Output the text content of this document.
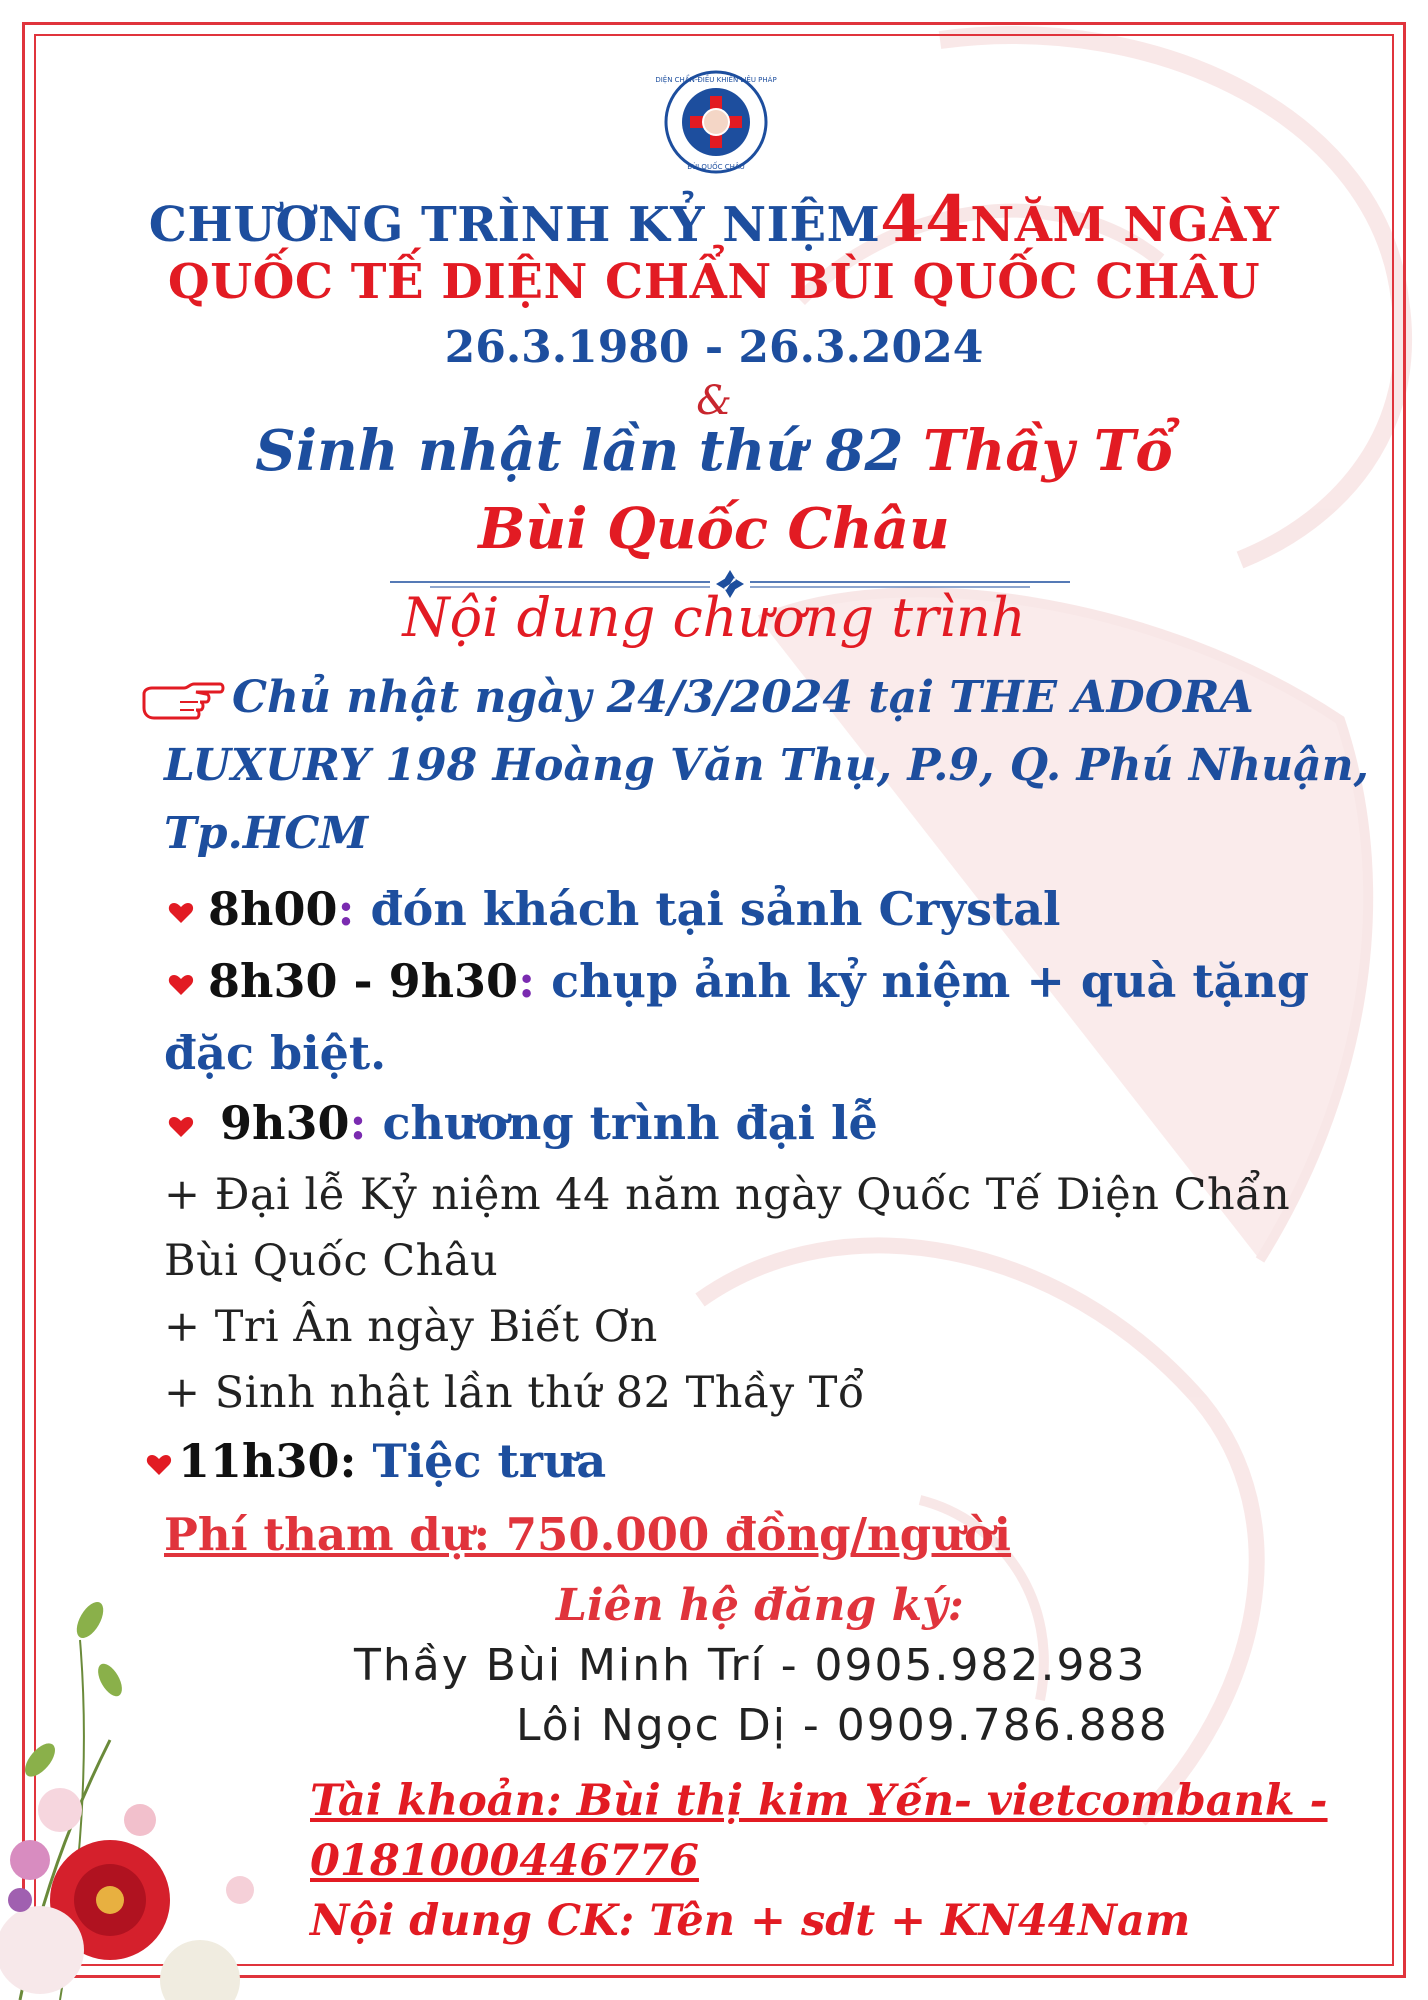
DIỆN CHẨN-ĐIỀU KHIỂN LIỆU PHÁP
BÙI QUỐC CHÂU
CHƯƠNG TRÌNH KỶ NIỆM44NĂM NGÀY
QUỐC TẾ DIỆN CHẨN BÙI QUỐC CHÂU
26.3.1980 - 26.3.2024
&
Sinh nhật lần thứ 82 Thầy Tổ
Bùi Quốc Châu
Nội dung chương trình
Chủ nhật ngày 24/3/2024 tại THE ADORA
LUXURY 198 Hoàng Văn Thụ, P.9, Q. Phú Nhuận,
Tp.HCM
8h00: đón khách tại sảnh Crystal
8h30 - 9h30: chụp ảnh kỷ niệm + quà tặng
đặc biệt.
9h30: chương trình đại lễ
+ Đại lễ Kỷ niệm 44 năm ngày Quốc Tế Diện Chẩn
Bùi Quốc Châu
+ Tri Ân ngày Biết Ơn
+ Sinh nhật lần thứ 82 Thầy Tổ
11h30: Tiệc trưa
Phí tham dự: 750.000 đồng/người
Liên hệ đăng ký:
Thầy Bùi Minh Trí - 0905.982.983
Lôi Ngọc Dị - 0909.786.888
Tài khoản: Bùi thị kim Yến- vietcombank -
0181000446776
Nội dung CK: Tên + sdt + KN44Nam
